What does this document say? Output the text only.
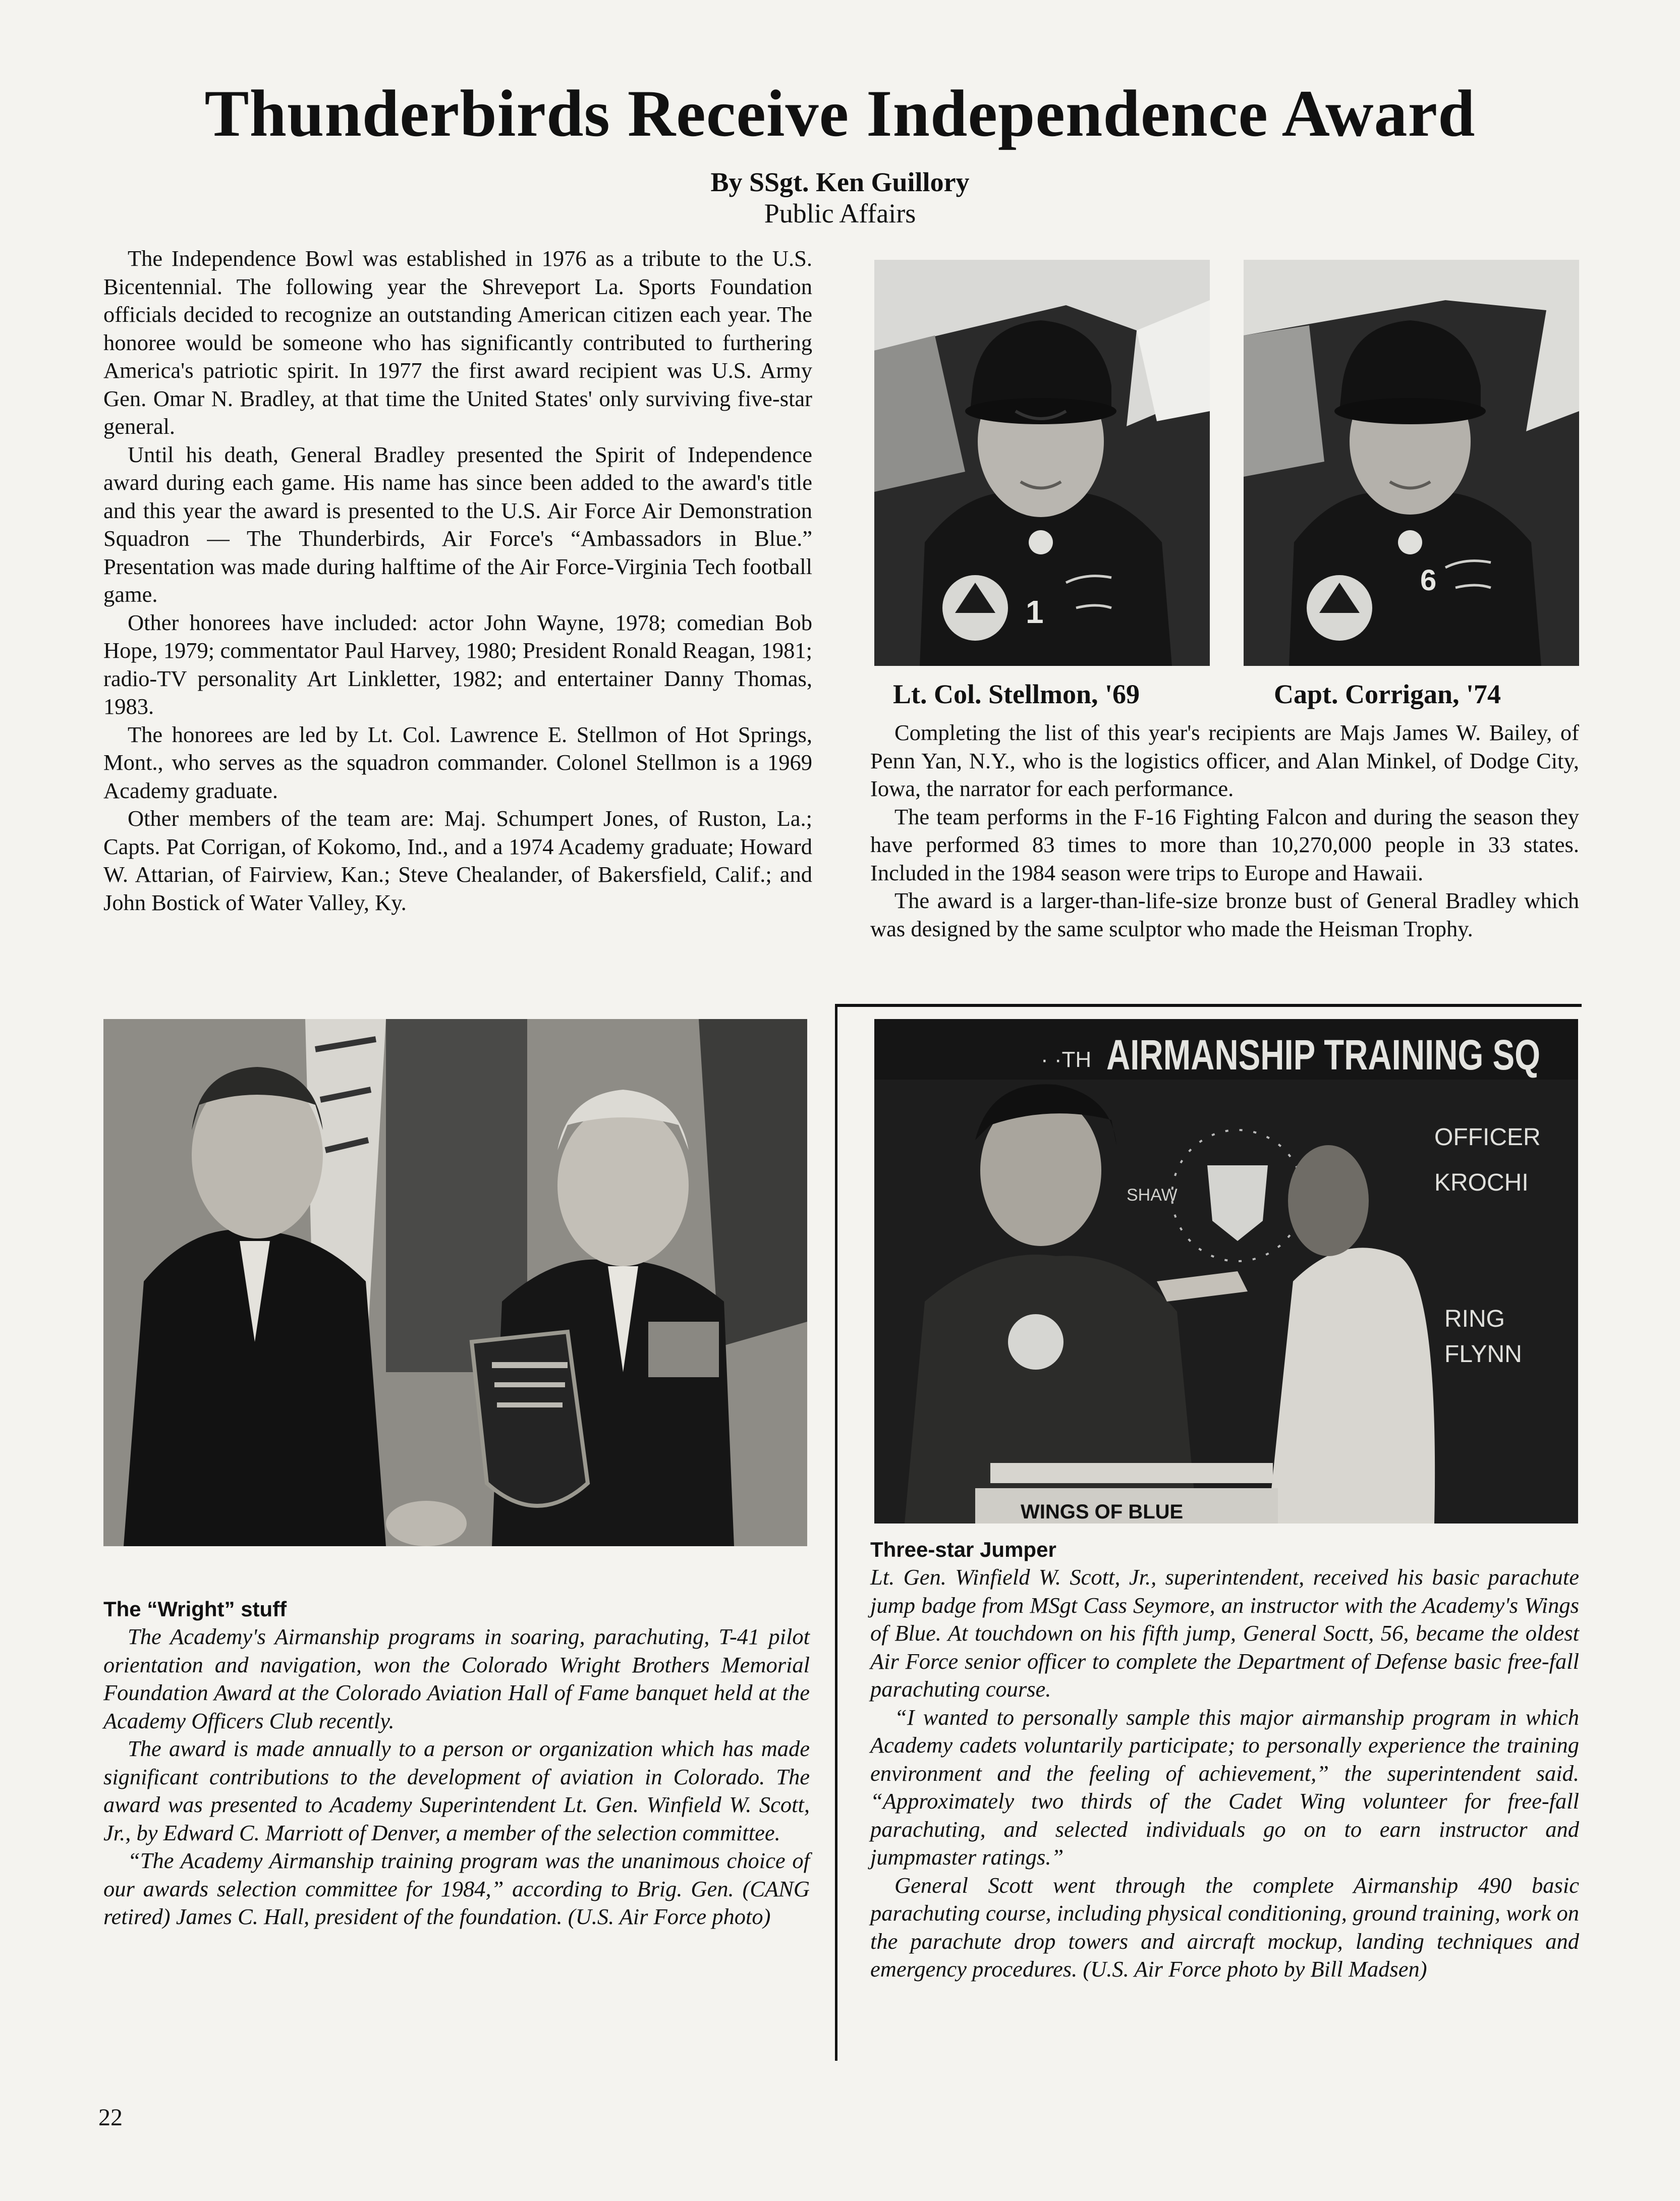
Thunderbirds Receive Independence Award
By SSgt. Ken Guillory
Public Affairs

The Independence Bowl was established in 1976 as a tribute to the U.S. Bicentennial. The following year the Shreveport La. Sports Foundation officials decided to recognize an outstanding American citizen each year. The honoree would be someone who has significantly contributed to furthering America's patriotic spirit. In 1977 the first award recipient was U.S. Army Gen. Omar N. Bradley, at that time the United States' only surviving five-star general.

Until his death, General Bradley presented the Spirit of Independence award during each game. His name has since been added to the award's title and this year the award is presented to the U.S. Air Force Air Demonstration Squadron — The Thunderbirds, Air Force's “Ambassadors in Blue.” Presentation was made during halftime of the Air Force-Virginia Tech football game.

Other honorees have included: actor John Wayne, 1978; comedian Bob Hope, 1979; commentator Paul Harvey, 1980; President Ronald Reagan, 1981; radio-TV personality Art Linkletter, 1982; and entertainer Danny Thomas, 1983.

The honorees are led by Lt. Col. Lawrence E. Stellmon of Hot Springs, Mont., who serves as the squadron commander. Colonel Stellmon is a 1969 Academy graduate.

Other members of the team are: Maj. Schumpert Jones, of Ruston, La.; Capts. Pat Corrigan, of Kokomo, Ind., and a 1974 Academy graduate; Howard W. Attarian, of Fairview, Kan.; Steve Chealander, of Bakersfield, Calif.; and John Bostick of Water Valley, Ky.

1
6
Lt. Col. Stellmon, '69	Capt. Corrigan, '74

Completing the list of this year's recipients are Majs James W. Bailey, of Penn Yan, N.Y., who is the logistics officer, and Alan Minkel, of Dodge City, Iowa, the narrator for each performance.

The team performs in the F-16 Fighting Falcon and during the season they have performed 83 times to more than 10,270,000 people in 33 states. Included in the 1984 season were trips to Europe and Hawaii.

The award is a larger-than-life-size bronze bust of General Bradley which was designed by the same sculptor who made the Heisman Trophy.

· ·TH AIRMANSHIP TRAINING SQ
OFFICER
KROCHI
SHAW
RING
FLYNN
WINGS OF BLUE
The “Wright” stuff

The Academy's Airmanship programs in soaring, parachuting, T-41 pilot orientation and navigation, won the Colorado Wright Brothers Memorial Foundation Award at the Colorado Aviation Hall of Fame banquet held at the Academy Officers Club recently.

The award is made annually to a person or organization which has made significant contributions to the development of aviation in Colorado. The award was presented to Academy Superintendent Lt. Gen. Winfield W. Scott, Jr., by Edward C. Marriott of Denver, a member of the selection committee.

“The Academy Airmanship training program was the unanimous choice of our awards selection committee for 1984,” according to Brig. Gen. (CANG retired) James C. Hall, president of the foundation. (U.S. Air Force photo)

Three-star Jumper

Lt. Gen. Winfield W. Scott, Jr., superintendent, received his basic parachute jump badge from MSgt Cass Seymore, an instructor with the Academy's Wings of Blue. At touchdown on his fifth jump, General Soctt, 56, became the oldest Air Force senior officer to complete the Department of Defense basic free-fall parachuting course.

“I wanted to personally sample this major airmanship program in which Academy cadets voluntarily participate; to personally experience the training environment and the feeling of achievement,” the superintendent said. “Approximately two thirds of the Cadet Wing volunteer for free-fall parachuting, and selected individuals go on to earn instructor and jumpmaster ratings.”

General Scott went through the complete Airmanship 490 basic parachuting course, including physical conditioning, ground training, work on the parachute drop towers and aircraft mockup, landing techniques and emergency procedures. (U.S. Air Force photo by Bill Madsen)

22
